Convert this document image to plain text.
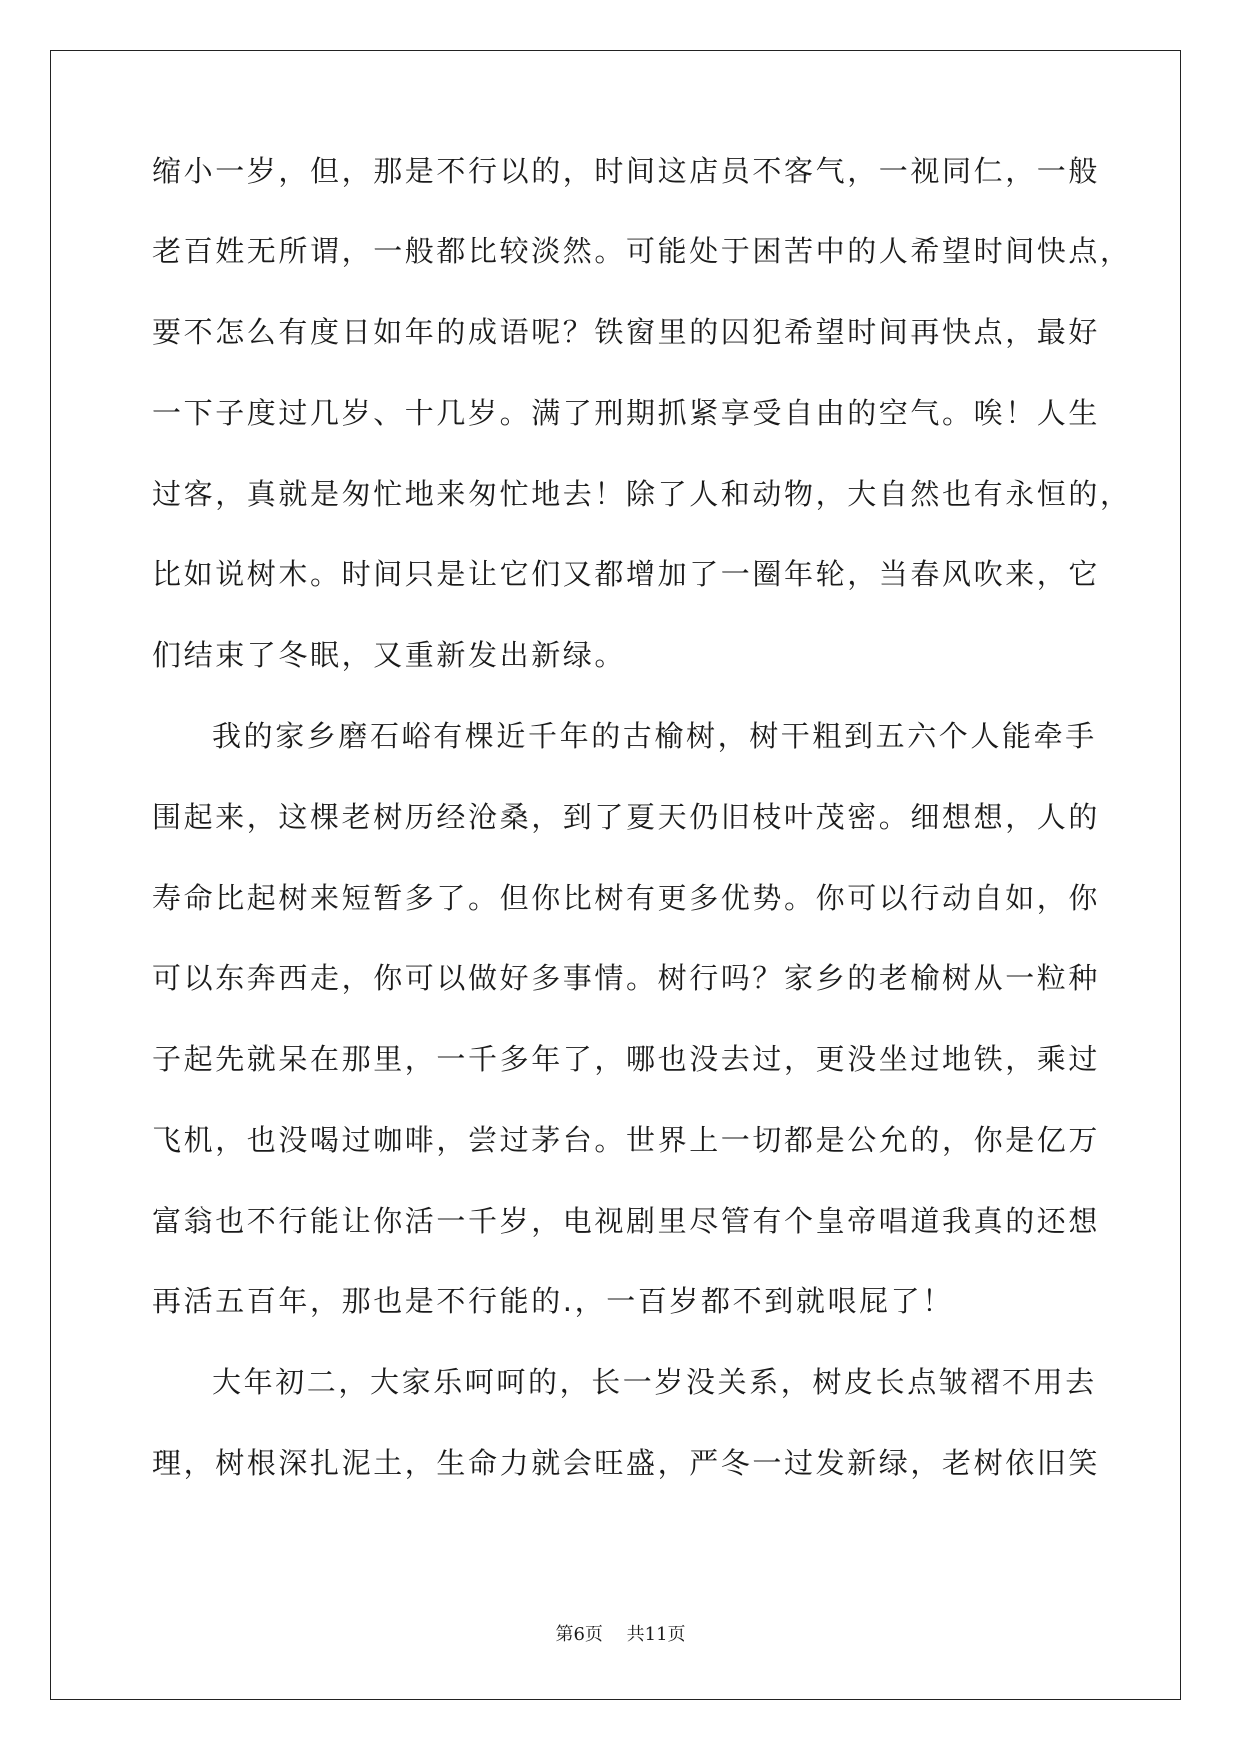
缩小一岁，但，那是不行以的，时间这店员不客气，一视同仁，一般
老百姓无所谓，一般都比较淡然。可能处于困苦中的人希望时间快点，
要不怎么有度日如年的成语呢？铁窗里的囚犯希望时间再快点，最好
一下子度过几岁、十几岁。满了刑期抓紧享受自由的空气。唉！人生
过客，真就是匆忙地来匆忙地去！除了人和动物，大自然也有永恒的，
比如说树木。时间只是让它们又都增加了一圈年轮，当春风吹来，它
们结束了冬眠，又重新发出新绿。
我的家乡磨石峪有棵近千年的古榆树，树干粗到五六个人能牵手
围起来，这棵老树历经沧桑，到了夏天仍旧枝叶茂密。细想想，人的
寿命比起树来短暂多了。但你比树有更多优势。你可以行动自如，你
可以东奔西走，你可以做好多事情。树行吗？家乡的老榆树从一粒种
子起先就呆在那里，一千多年了，哪也没去过，更没坐过地铁，乘过
飞机，也没喝过咖啡，尝过茅台。世界上一切都是公允的，你是亿万
富翁也不行能让你活一千岁，电视剧里尽管有个皇帝唱道我真的还想
再活五百年，那也是不行能的.，一百岁都不到就哏屁了！
大年初二，大家乐呵呵的，长一岁没关系，树皮长点皱褶不用去
理，树根深扎泥土，生命力就会旺盛，严冬一过发新绿，老树依旧笑
第6页　 共11页
